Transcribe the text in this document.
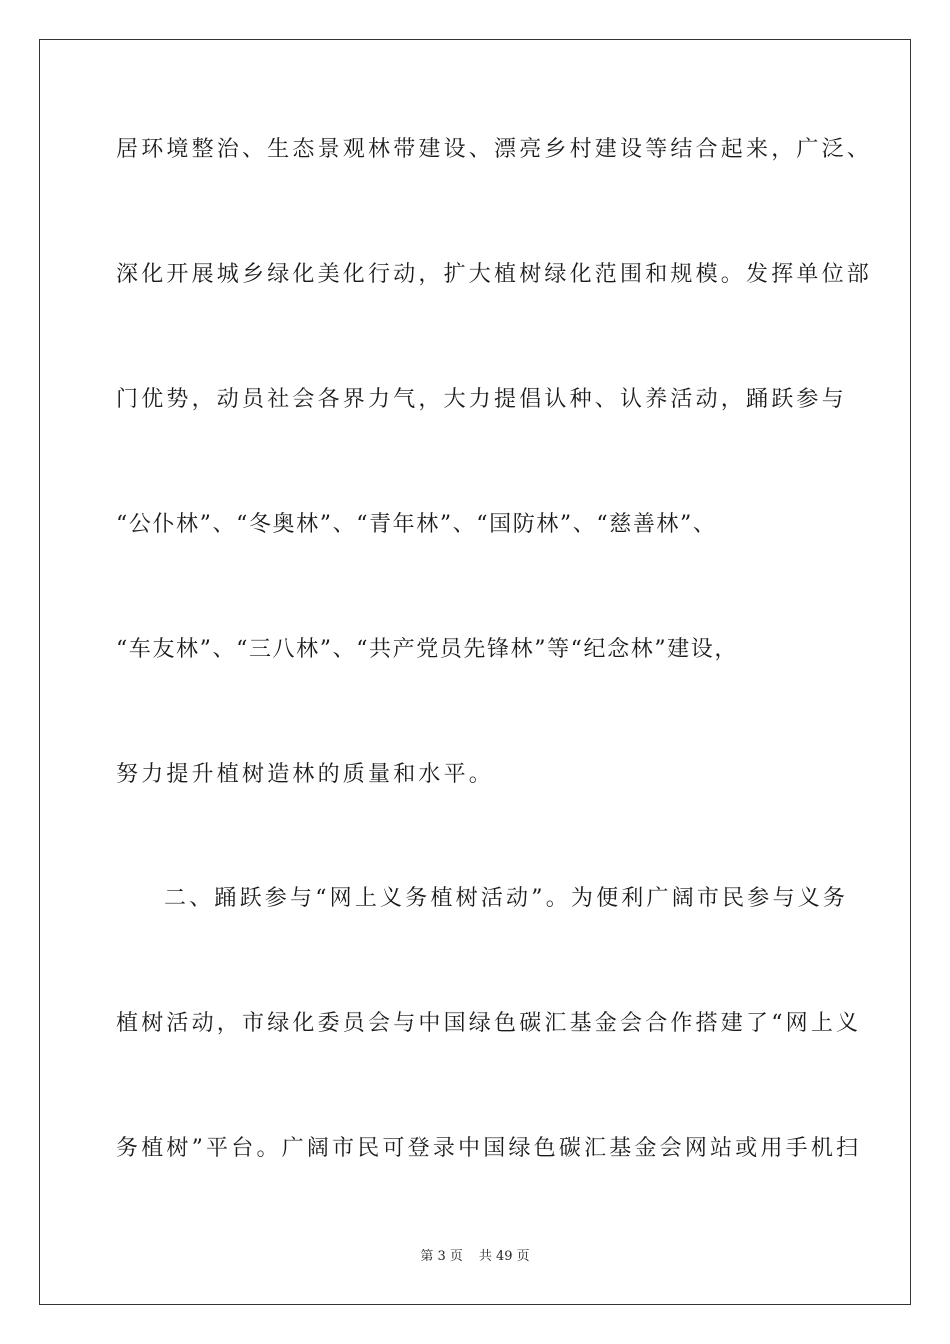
居环境整治、生态景观林带建设、漂亮乡村建设等结合起来，广泛、
深化开展城乡绿化美化行动，扩大植树绿化范围和规模。发挥单位部
门优势，动员社会各界力气，大力提倡认种、认养活动，踊跃参与
“公仆林”、“冬奥林”、“青年林”、“国防林”、“慈善林”、
“车友林”、“三八林”、“共产党员先锋林”等“纪念林”建设，
努力提升植树造林的质量和水平。
二、踊跃参与“网上义务植树活动”。为便利广阔市民参与义务
植树活动，市绿化委员会与中国绿色碳汇基金会合作搭建了“网上义
务植树”平台。广阔市民可登录中国绿色碳汇基金会网站或用手机扫
第 3 页 共 49 页
